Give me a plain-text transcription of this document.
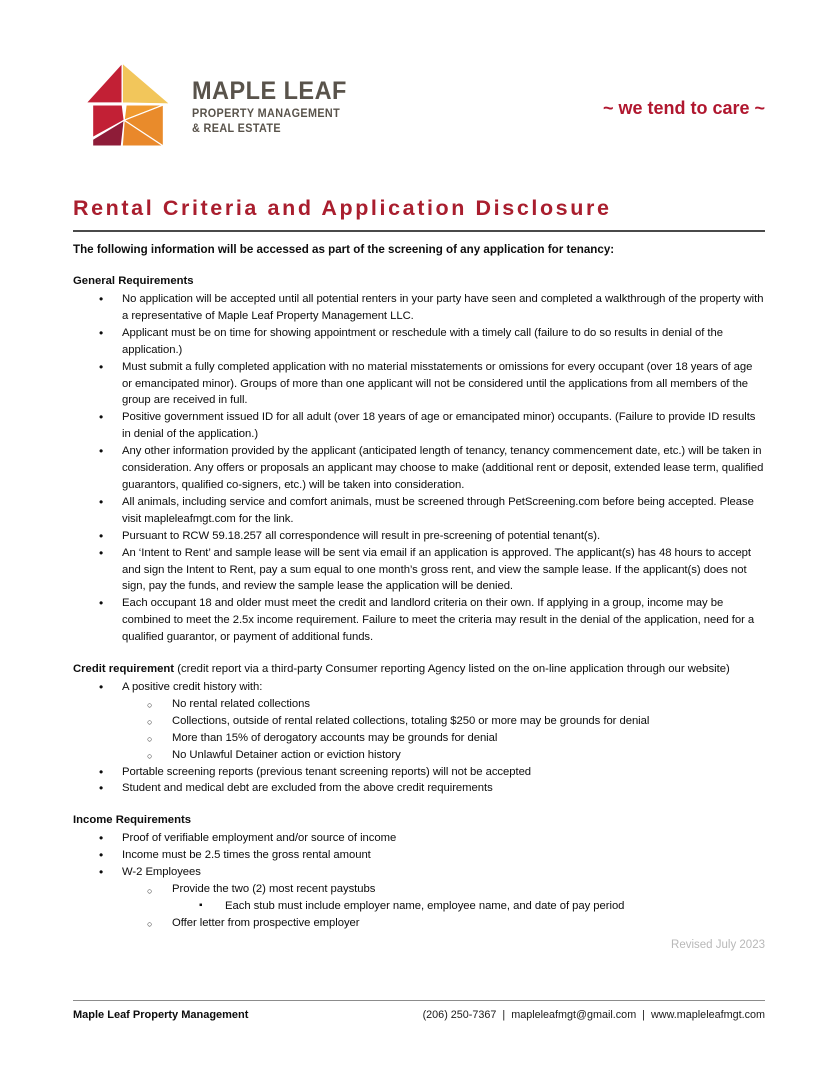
MAPLE LEAF
PROPERTY MANAGEMENT
& REAL ESTATE
~ we tend to care ~
Rental Criteria and Application Disclosure

The following information will be accessed as part of the screening of any application for tenancy:

General Requirements

• No application will be accepted until all potential renters in your party have seen and completed a walkthrough of the property with a representative of Maple Leaf Property Management LLC.
• Applicant must be on time for showing appointment or reschedule with a timely call (failure to do so results in denial of the application.)
• Must submit a fully completed application with no material misstatements or omissions for every occupant (over 18 years of age or emancipated minor). Groups of more than one applicant will not be considered until the applications from all members of the group are received in full.
• Positive government issued ID for all adult (over 18 years of age or emancipated minor) occupants. (Failure to provide ID results in denial of the application.)
• Any other information provided by the applicant (anticipated length of tenancy, tenancy commencement date, etc.) will be taken in consideration. Any offers or proposals an applicant may choose to make (additional rent or deposit, extended lease term, qualified guarantors, qualified co-signers, etc.) will be taken into consideration.
• All animals, including service and comfort animals, must be screened through PetScreening.com before being accepted. Please visit mapleleafmgt.com for the link.
• Pursuant to RCW 59.18.257 all correspondence will result in pre-screening of potential tenant(s).
• An ‘Intent to Rent’ and sample lease will be sent via email if an application is approved. The applicant(s) has 48 hours to accept and sign the Intent to Rent, pay a sum equal to one month’s gross rent, and view the sample lease. If the applicant(s) does not sign, pay the funds, and review the sample lease the application will be denied.
• Each occupant 18 and older must meet the credit and landlord criteria on their own. If applying in a group, income may be combined to meet the 2.5x income requirement. Failure to meet the criteria may result in the denial of the application, need for a qualified guarantor, or payment of additional funds.

Credit requirement (credit report via a third-party Consumer reporting Agency listed on the on-line application through our website)

• A positive credit history with:
○ No rental related collections
○ Collections, outside of rental related collections, totaling $250 or more may be grounds for denial
○ More than 15% of derogatory accounts may be grounds for denial
○ No Unlawful Detainer action or eviction history
• Portable screening reports (previous tenant screening reports) will not be accepted
• Student and medical debt are excluded from the above credit requirements

Income Requirements

• Proof of verifiable employment and/or source of income
• Income must be 2.5 times the gross rental amount
• W-2 Employees
○ Provide the two (2) most recent paystubs
▪ Each stub must include employer name, employee name, and date of pay period
○ Offer letter from prospective employer

Revised July 2023

Maple Leaf Property Management	(206) 250-7367  |  mapleleafmgt@gmail.com  |  www.mapleleafmgt.com
